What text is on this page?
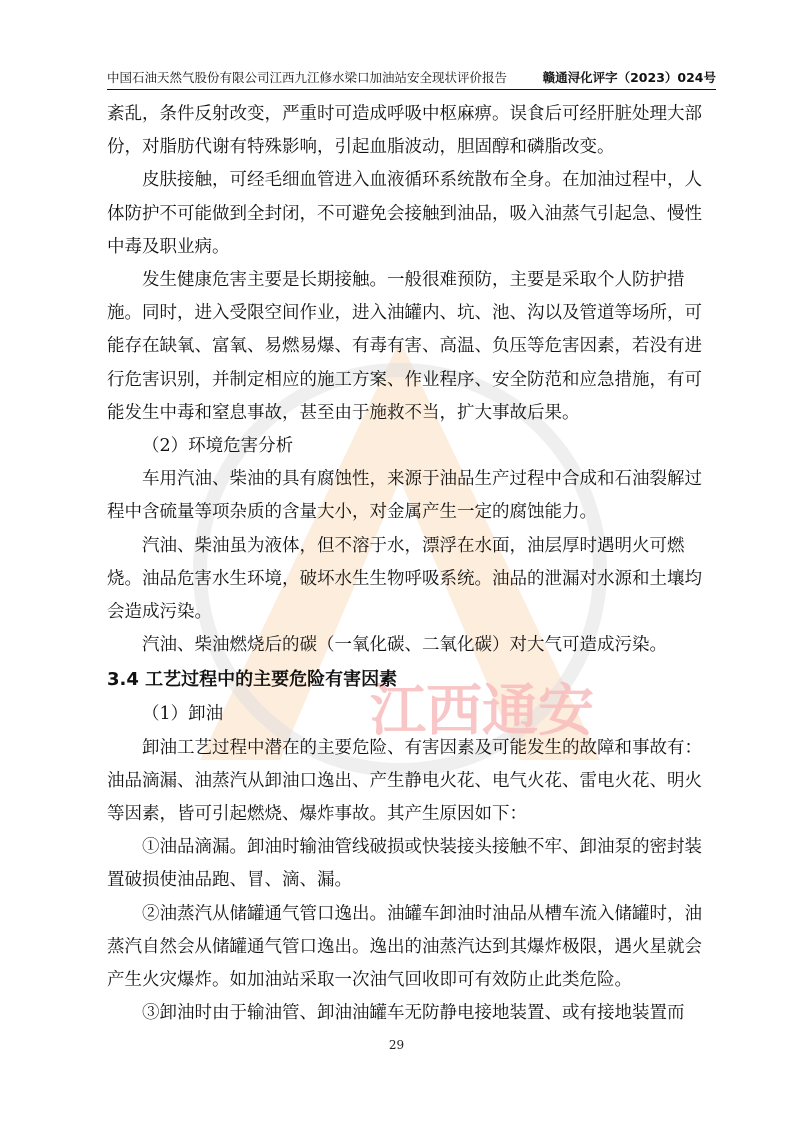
江西通安
中国石油天然气股份有限公司江西九江修水梁口加油站安全现状评价报告	赣通浔化评字（2023）024号

紊乱，条件反射改变，严重时可造成呼吸中枢麻痹。误食后可经肝脏处理大部份，对脂肪代谢有特殊影响，引起血脂波动，胆固醇和磷脂改变。

皮肤接触，可经毛细血管进入血液循环系统散布全身。在加油过程中，人体防护不可能做到全封闭，不可避免会接触到油品，吸入油蒸气引起急、慢性中毒及职业病。

发生健康危害主要是长期接触。一般很难预防，主要是采取个人防护措施。同时，进入受限空间作业，进入油罐内、坑、池、沟以及管道等场所，可能存在缺氧、富氧、易燃易爆、有毒有害、高温、负压等危害因素，若没有进行危害识别，并制定相应的施工方案、作业程序、安全防范和应急措施，有可能发生中毒和窒息事故，甚至由于施救不当，扩大事故后果。

（2）环境危害分析

车用汽油、柴油的具有腐蚀性，来源于油品生产过程中合成和石油裂解过程中含硫量等项杂质的含量大小，对金属产生一定的腐蚀能力。

汽油、柴油虽为液体，但不溶于水，漂浮在水面，油层厚时遇明火可燃烧。油品危害水生环境，破坏水生生物呼吸系统。油品的泄漏对水源和土壤均会造成污染。

汽油、柴油燃烧后的碳（一氧化碳、二氧化碳）对大气可造成污染。

3.4 工艺过程中的主要危险有害因素

（1）卸油

卸油工艺过程中潜在的主要危险、有害因素及可能发生的故障和事故有：油品滴漏、油蒸汽从卸油口逸出、产生静电火花、电气火花、雷电火花、明火等因素，皆可引起燃烧、爆炸事故。其产生原因如下：

①油品滴漏。卸油时输油管线破损或快装接头接触不牢、卸油泵的密封装置破损使油品跑、冒、滴、漏。

②油蒸汽从储罐通气管口逸出。油罐车卸油时油品从槽车流入储罐时，油蒸汽自然会从储罐通气管口逸出。逸出的油蒸汽达到其爆炸极限，遇火星就会产生火灾爆炸。如加油站采取一次油气回收即可有效防止此类危险。

③卸油时由于输油管、卸油油罐车无防静电接地装置、或有接地装置而

29
